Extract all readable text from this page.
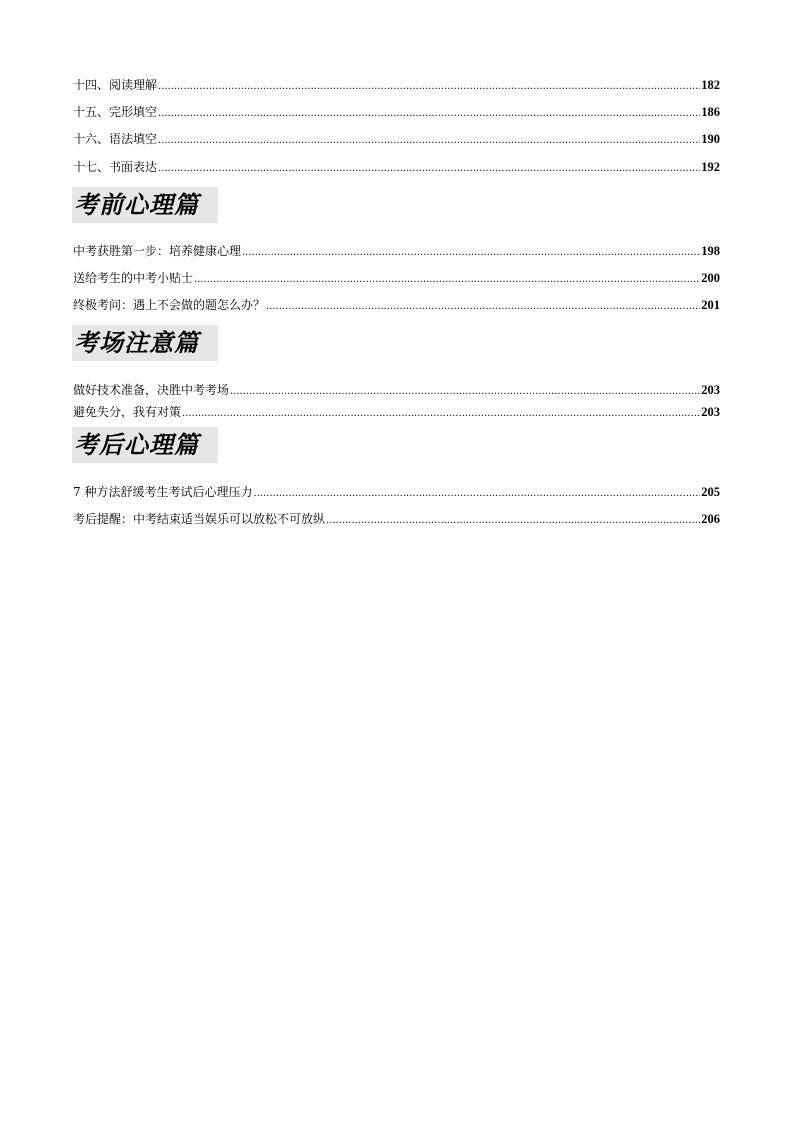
十四、阅读理解 .....	182
十五、完形填空 .....	186
十六、语法填空 .....	190
十七、书面表达 .....	192
考前心理篇
中考获胜第一步：培养健康心理 .....	198
送给考生的中考小贴士 .....	200
终极考问：遇上不会做的题怎么办？ .....	201
考场注意篇
做好技术准备，决胜中考考场 .....	203
避免失分，我有对策 .....	203
考后心理篇
7 种方法舒缓考生考试后心理压力 .....	205
考后提醒：中考结束适当娱乐可以放松不可放纵 .....	206
